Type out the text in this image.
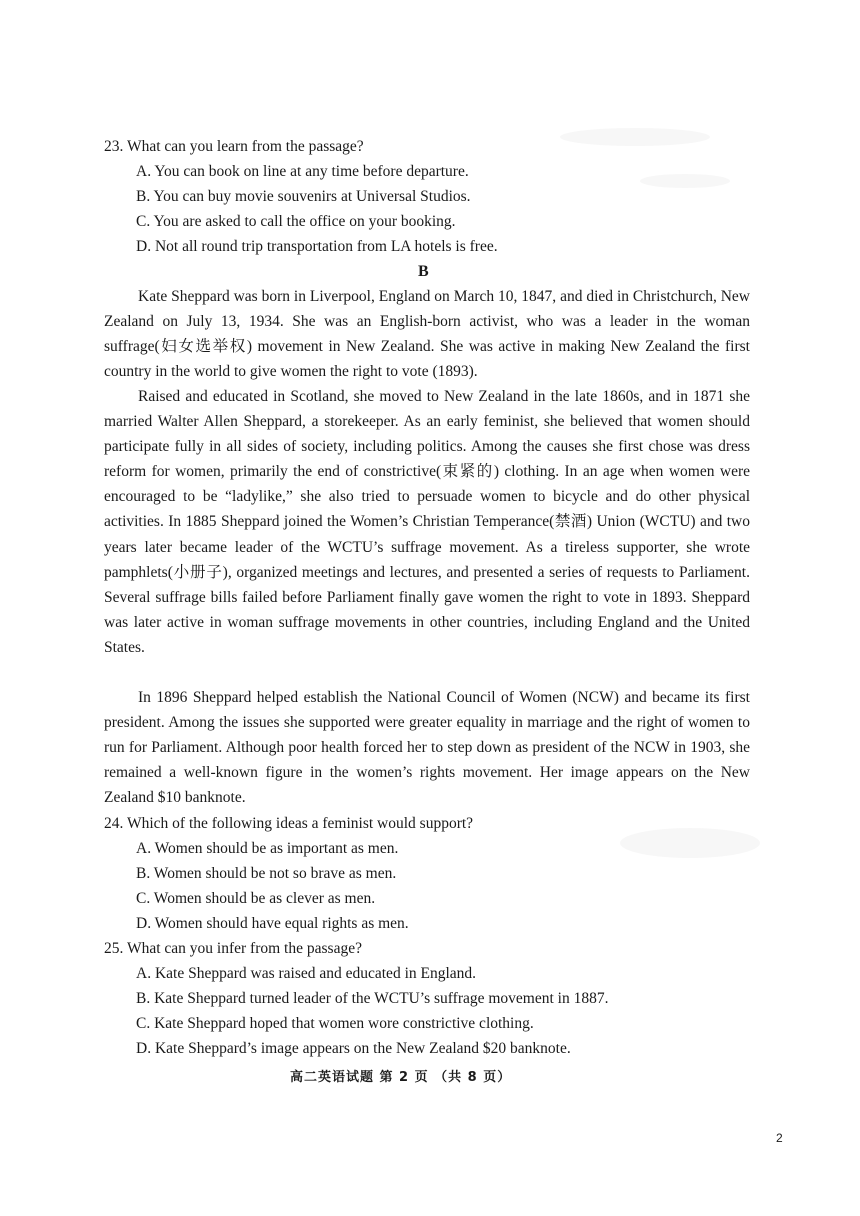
23. What can you learn from the passage?
A. You can book on line at any time before departure.
B. You can buy movie souvenirs at Universal Studios.
C. You are asked to call the office on your booking.
D. Not all round trip transportation from LA hotels is free.
B

Kate Sheppard was born in Liverpool, England on March 10, 1847, and died in Christchurch, New Zealand on July 13, 1934. She was an English-born activist, who was a leader in the woman suffrage(妇女选举权) movement in New Zealand. She was active in making New Zealand the first country in the world to give women the right to vote (1893).

Raised and educated in Scotland, she moved to New Zealand in the late 1860s, and in 1871 she married Walter Allen Sheppard, a storekeeper. As an early feminist, she believed that women should participate fully in all sides of society, including politics. Among the causes she first chose was dress reform for women, primarily the end of constrictive(束紧的) clothing. In an age when women were encouraged to be “ladylike,” she also tried to persuade women to bicycle and do other physical activities. In 1885 Sheppard joined the Women’s Christian Temperance(禁酒) Union (WCTU) and two years later became leader of the WCTU’s suffrage movement. As a tireless supporter, she wrote pamphlets(小册子), organized meetings and lectures, and presented a series of requests to Parliament. Several suffrage bills failed before Parliament finally gave women the right to vote in 1893. Sheppard was later active in woman suffrage movements in other countries, including England and the United States.

In 1896 Sheppard helped establish the National Council of Women (NCW) and became its first president. Among the issues she supported were greater equality in marriage and the right of women to run for Parliament. Although poor health forced her to step down as president of the NCW in 1903, she remained a well-known figure in the women’s rights movement. Her image appears on the New Zealand $10 banknote.

24. Which of the following ideas a feminist would support?
A. Women should be as important as men.
B. Women should be not so brave as men.
C. Women should be as clever as men.
D. Women should have equal rights as men.
25. What can you infer from the passage?
A. Kate Sheppard was raised and educated in England.
B. Kate Sheppard turned leader of the WCTU’s suffrage movement in 1887.
C. Kate Sheppard hoped that women wore constrictive clothing.
D. Kate Sheppard’s image appears on the New Zealand $20 banknote.
高二英语试题 第 2 页 （共 8 页）
2
